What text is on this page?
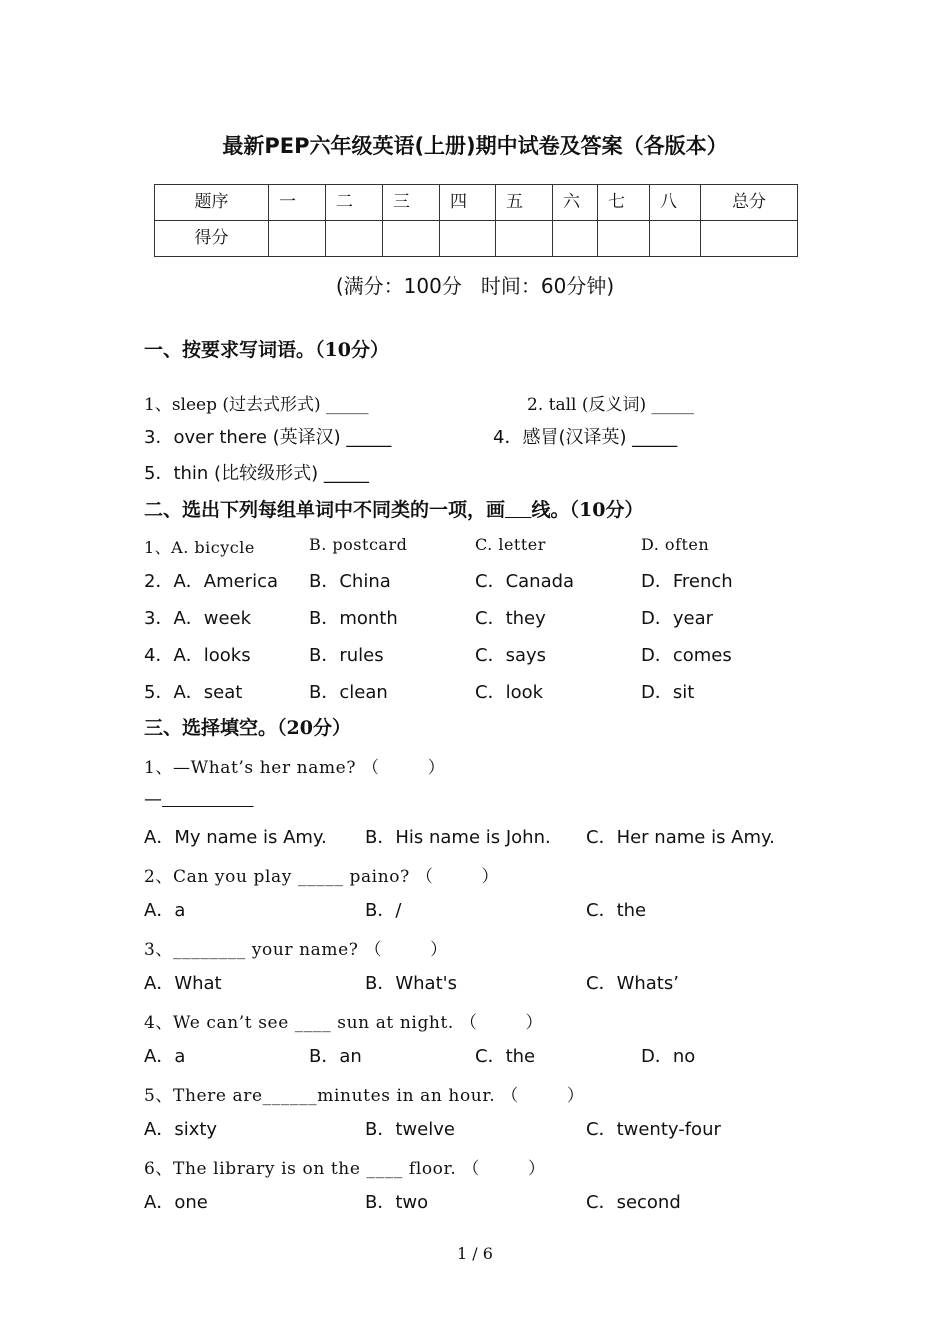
最新PEP六年级英语(上册)期中试卷及答案（各版本）
题序	一	二	三	四	五	六	七	八	总分
得分									
(满分：100分   时间：60分钟)
一、按要求写词语。（10分）
1、sleep (过去式形式) _____	2. tall (反义词) _____
3．over there (英译汉) _____	4．感冒(汉译英) _____
5．thin (比较级形式) _____
二、选出下列每组单词中不同类的一项，画 线。（10分）
1、A. bicycle	B. postcard	C. letter	D. often
2．A．America B．China	C．Canada	D．French
3．A．week	B．month	C．they	D．year
4．A．looks	B．rules	C．says	D．comes
5．A．seat	B．clean	C．look	D．sit
三、选择填空。（20分）
1、—What’s her name? （        ）
—
A．My name is Amy. B．His name is John. C．Her name is Amy.
2、Can you play _____ paino? （        ）
A．a	B．/	C．the
3、________ your name? （        ）
A．What	B．What's	C．Whats’
4、We can’t see ____ sun at night. （        ）
A．a	B．an	C．the	D．no
5、There are______minutes in an hour. （        ）
A．sixty	B．twelve	C．twenty-four
6、The library is on the ____ floor. （        ）
A．one	B．two	C．second
1 / 6
